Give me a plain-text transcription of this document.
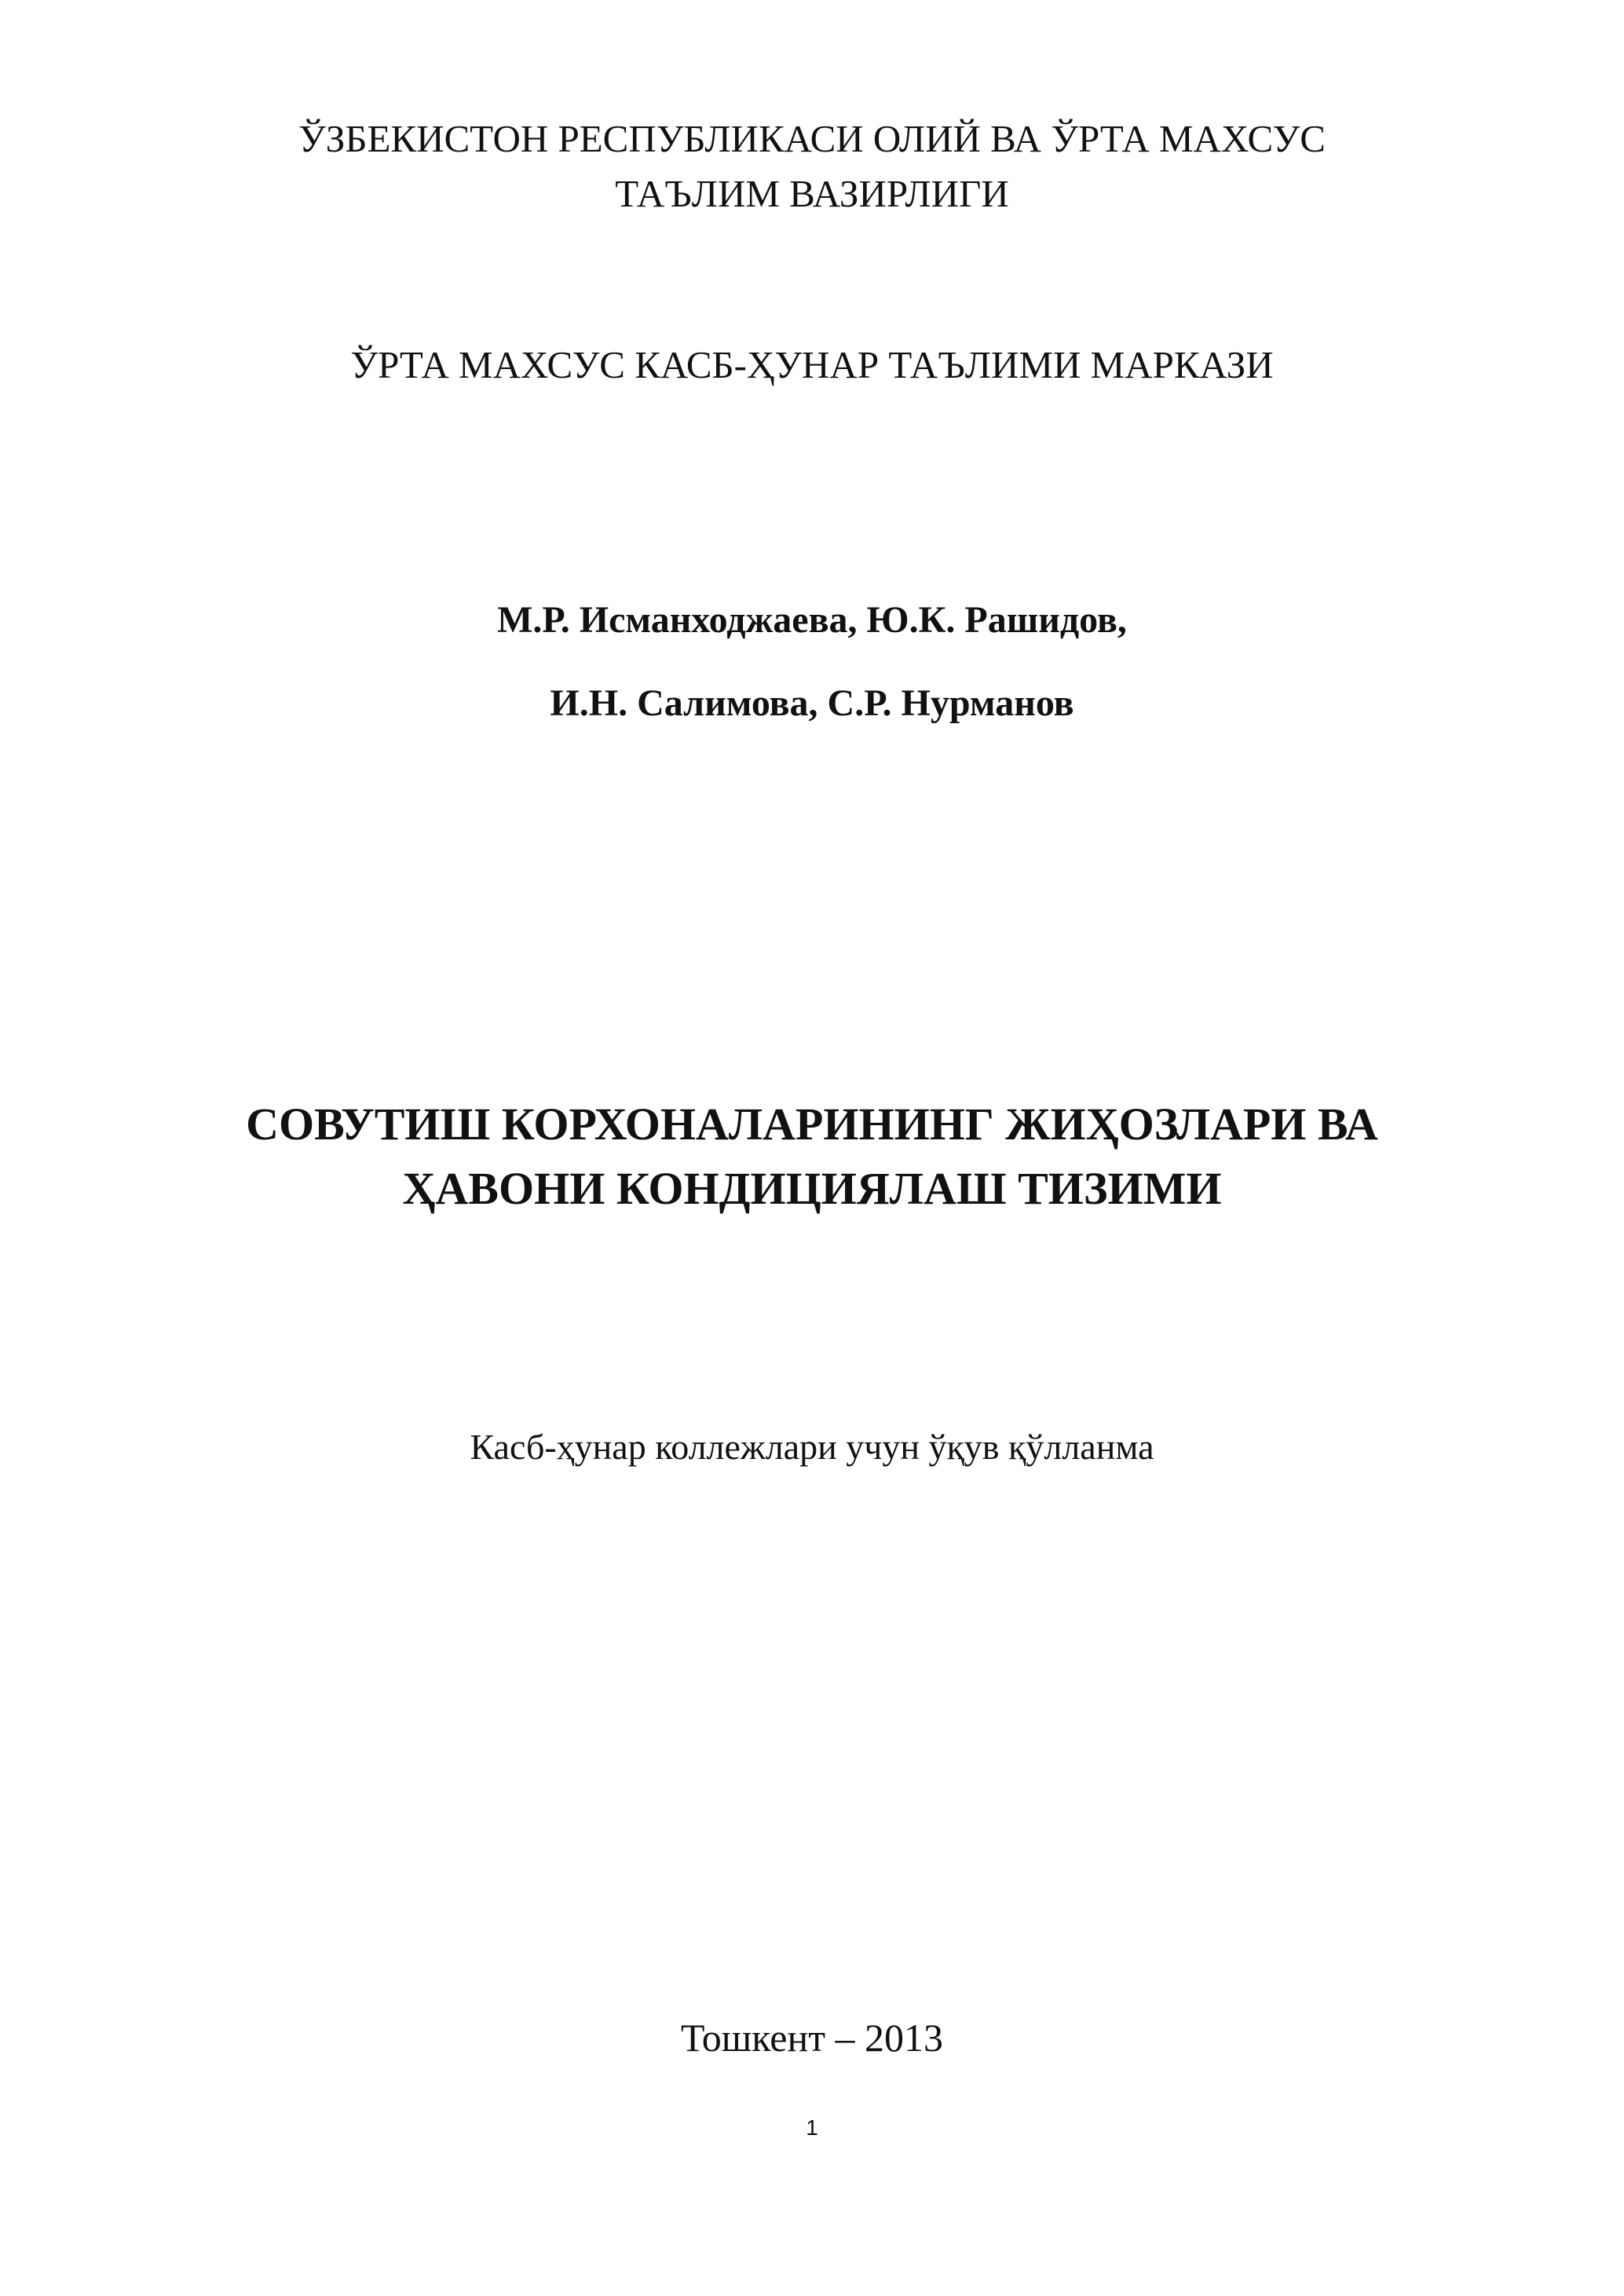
ЎЗБЕКИСТОН РЕСПУБЛИКАСИ ОЛИЙ ВА ЎРТА МАХСУС

ТАЪЛИМ ВАЗИРЛИГИ

ЎРТА МАХСУС КАСБ-ҲУНАР ТАЪЛИМИ МАРКАЗИ

М.Р. Исманходжаева, Ю.К. Рашидов,

И.Н. Салимова, С.Р. Нурманов

СОВУТИШ КОРХОНАЛАРИНИНГ ЖИҲОЗЛАРИ ВА

ҲАВОНИ КОНДИЦИЯЛАШ ТИЗИМИ

Касб-ҳунар коллежлари учун ўқув қўлланма

Тошкент – 2013

1
